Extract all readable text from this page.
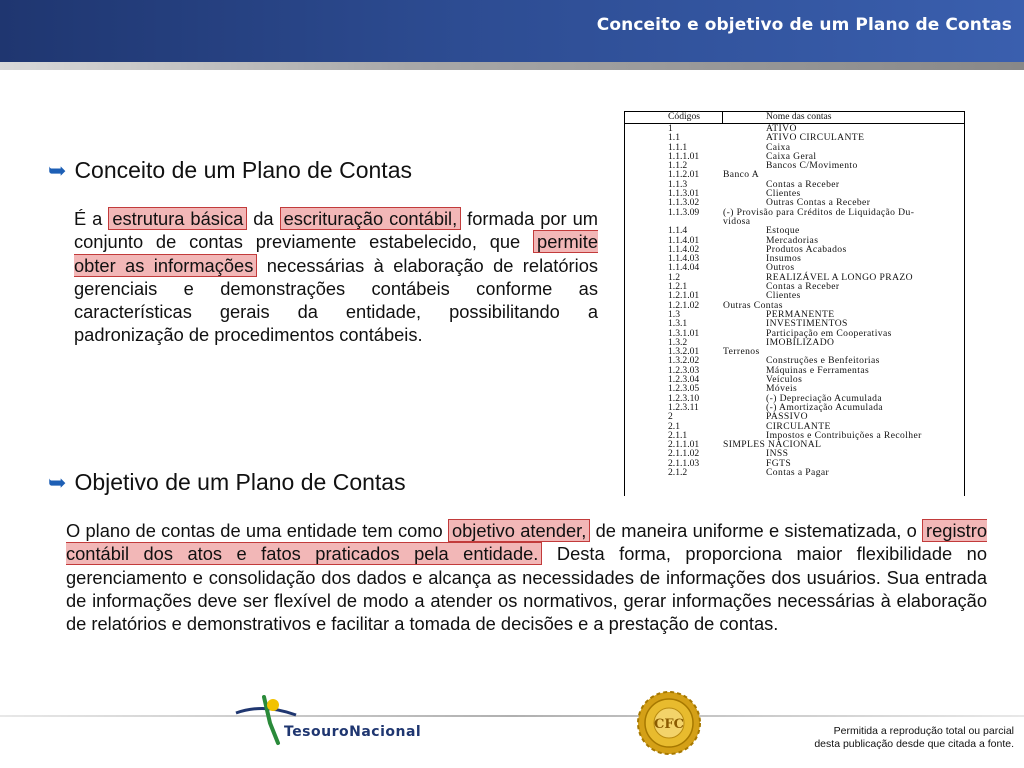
Conceito e objetivo de um Plano de Contas
➥ Conceito de um Plano de Contas
É a estrutura básica da escrituração contábil, formada por um conjunto de contas previamente estabelecido, que permite obter as informações necessárias à elaboração de relatórios gerenciais e demonstrações contábeis conforme as características gerais da entidade, possibilitando a padronização de procedimentos contábeis.
Códigos	Nome das contas
1	ATIVO
1.1	ATIVO CIRCULANTE
1.1.1	Caixa
1.1.1.01	Caixa Geral
1.1.2	Bancos C/Movimento
1.1.2.01	Banco A
1.1.3	Contas a Receber
1.1.3.01	Clientes
1.1.3.02	Outras Contas a Receber
1.1.3.09	(-) Provisão para Créditos de Liquidação Du-
vidosa
1.1.4	Estoque
1.1.4.01	Mercadorias
1.1.4.02	Produtos Acabados
1.1.4.03	Insumos
1.1.4.04	Outros
1.2	REALIZÁVEL A LONGO PRAZO
1.2.1	Contas a Receber
1.2.1.01	Clientes
1.2.1.02	Outras Contas
1.3	PERMANENTE
1.3.1	INVESTIMENTOS
1.3.1.01	Participação em Cooperativas
1.3.2	IMOBILIZADO
1.3.2.01	Terrenos
1.3.2.02	Construções e Benfeitorias
1.2.3.03	Máquinas e Ferramentas
1.2.3.04	Veículos
1.2.3.05	Móveis
1.2.3.10	(-) Depreciação Acumulada
1.2.3.11	(-) Amortização Acumulada
2	PASSIVO
2.1	CIRCULANTE
2.1.1	Impostos e Contribuições a Recolher
2.1.1.01	SIMPLES NACIONAL
2.1.1.02	INSS
2.1.1.03	FGTS
2.1.2	Contas a Pagar
➥ Objetivo de um Plano de Contas
O plano de contas de uma entidade tem como objetivo atender, de maneira uniforme e sistematizada, o registro contábil dos atos e fatos praticados pela entidade. Desta forma, proporciona maior flexibilidade no gerenciamento e consolidação dos dados e alcança as necessidades de informações dos usuários. Sua entrada de informações deve ser flexível de modo a atender os normativos, gerar informações necessárias à elaboração de relatórios e demonstrativos e facilitar a tomada de decisões e a prestação de contas.
TesouroNacional	CFC	Permitida a reprodução total ou parcial
desta publicação desde que citada a fonte.
